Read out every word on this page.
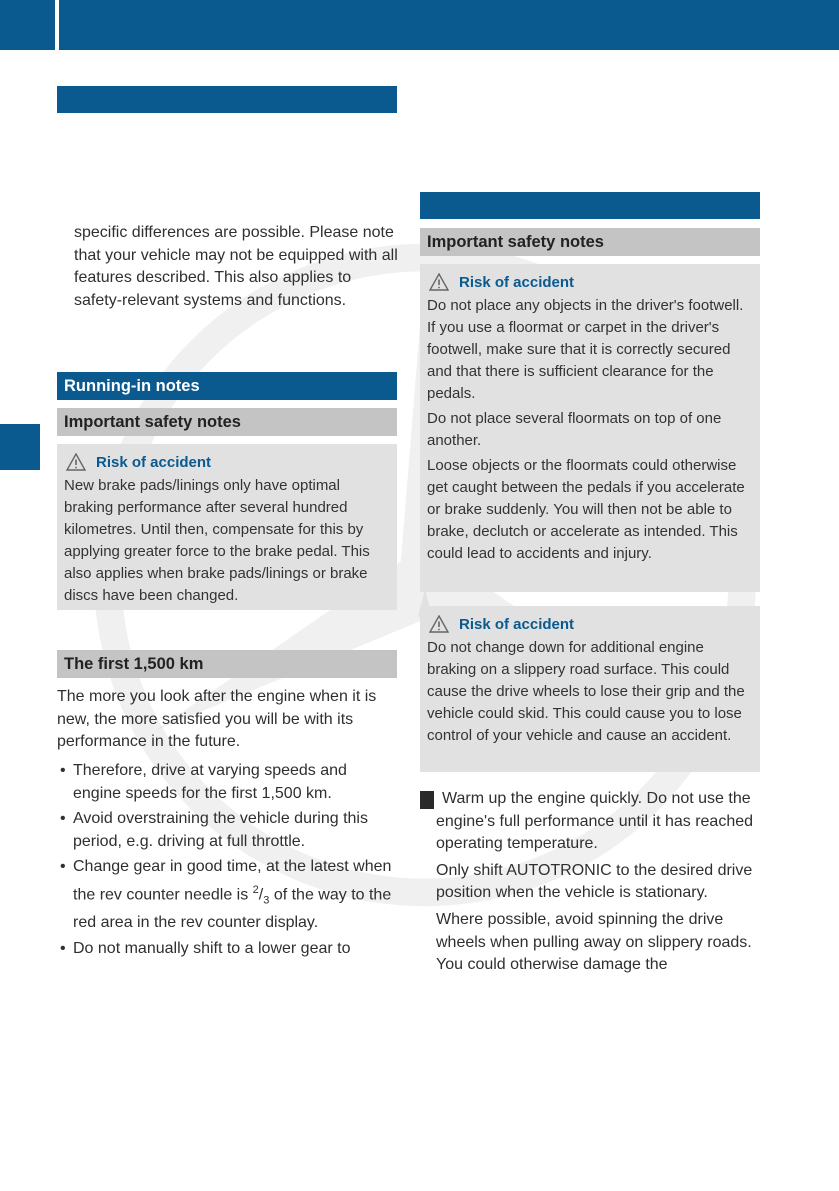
specific differences are possible. Please note that your vehicle may not be equipped with all features described. This also applies to safety-relevant systems and functions.

Running-in notes
Important safety notes
Risk of accident

New brake pads/linings only have optimal braking performance after several hundred kilometres. Until then, compensate for this by applying greater force to the brake pedal. This also applies when brake pads/linings or brake discs have been changed.

The first 1,500 km

The more you look after the engine when it is new, the more satisfied you will be with its performance in the future.

• Therefore, drive at varying speeds and engine speeds for the first 1,500 km.
• Avoid overstraining the vehicle during this period, e.g. driving at full throttle.
• Change gear in good time, at the latest when the rev counter needle is $^2/_3$ of the way to the red area in the rev counter display.
• Do not manually shift to a lower gear to
Important safety notes
Risk of accident

Do not place any objects in the driver's footwell. If you use a floormat or carpet in the driver's footwell, make sure that it is correctly secured and that there is sufficient clearance for the pedals.

Do not place several floormats on top of one another.

Loose objects or the floormats could otherwise get caught between the pedals if you accelerate or brake suddenly. You will then not be able to brake, declutch or accelerate as intended. This could lead to accidents and injury.

Risk of accident

Do not change down for additional engine braking on a slippery road surface. This could cause the drive wheels to lose their grip and the vehicle could skid. This could cause you to lose control of your vehicle and cause an accident.

! Warm up the engine quickly. Do not use the engine's full performance until it has reached operating temperature.

Only shift AUTOTRONIC to the desired drive position when the vehicle is stationary.

Where possible, avoid spinning the drive wheels when pulling away on slippery roads. You could otherwise damage the
